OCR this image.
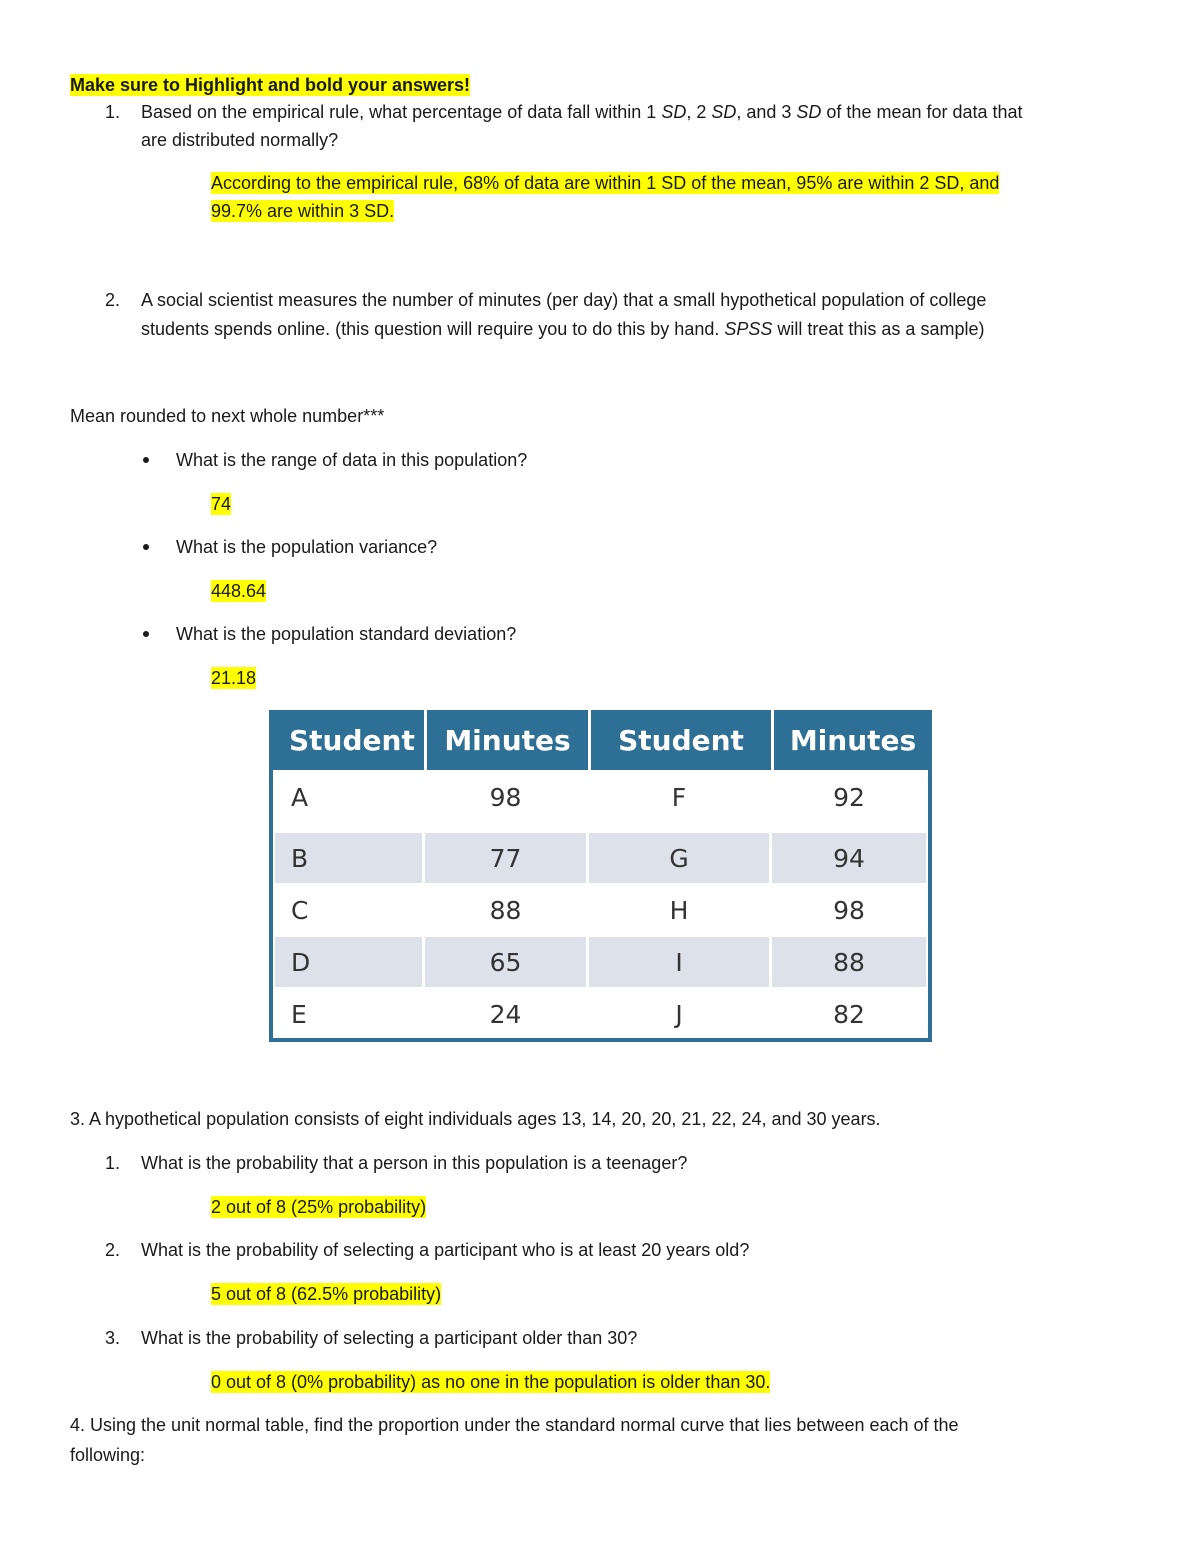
Make sure to Highlight and bold your answers!
1. Based on the empirical rule, what percentage of data fall within 1 SD, 2 SD, and 3 SD of the mean for data that
are distributed normally?
According to the empirical rule, 68% of data are within 1 SD of the mean, 95% are within 2 SD, and
99.7% are within 3 SD.
2. A social scientist measures the number of minutes (per day) that a small hypothetical population of college
students spends online. (this question will require you to do this by hand. SPSS will treat this as a sample)
Mean rounded to next whole number***
What is the range of data in this population?
74
What is the population variance?
448.64
What is the population standard deviation?
21.18
Student	Minutes	Student	Minutes
A	98	F	92
B	77	G	94
C	88	H	98
D	65	I	88
E	24	J	82
3. A hypothetical population consists of eight individuals ages 13, 14, 20, 20, 21, 22, 24, and 30 years.
1. What is the probability that a person in this population is a teenager?
2 out of 8 (25% probability)
2. What is the probability of selecting a participant who is at least 20 years old?
5 out of 8 (62.5% probability)
3. What is the probability of selecting a participant older than 30?
0 out of 8 (0% probability) as no one in the population is older than 30.
4. Using the unit normal table, find the proportion under the standard normal curve that lies between each of the
following:
